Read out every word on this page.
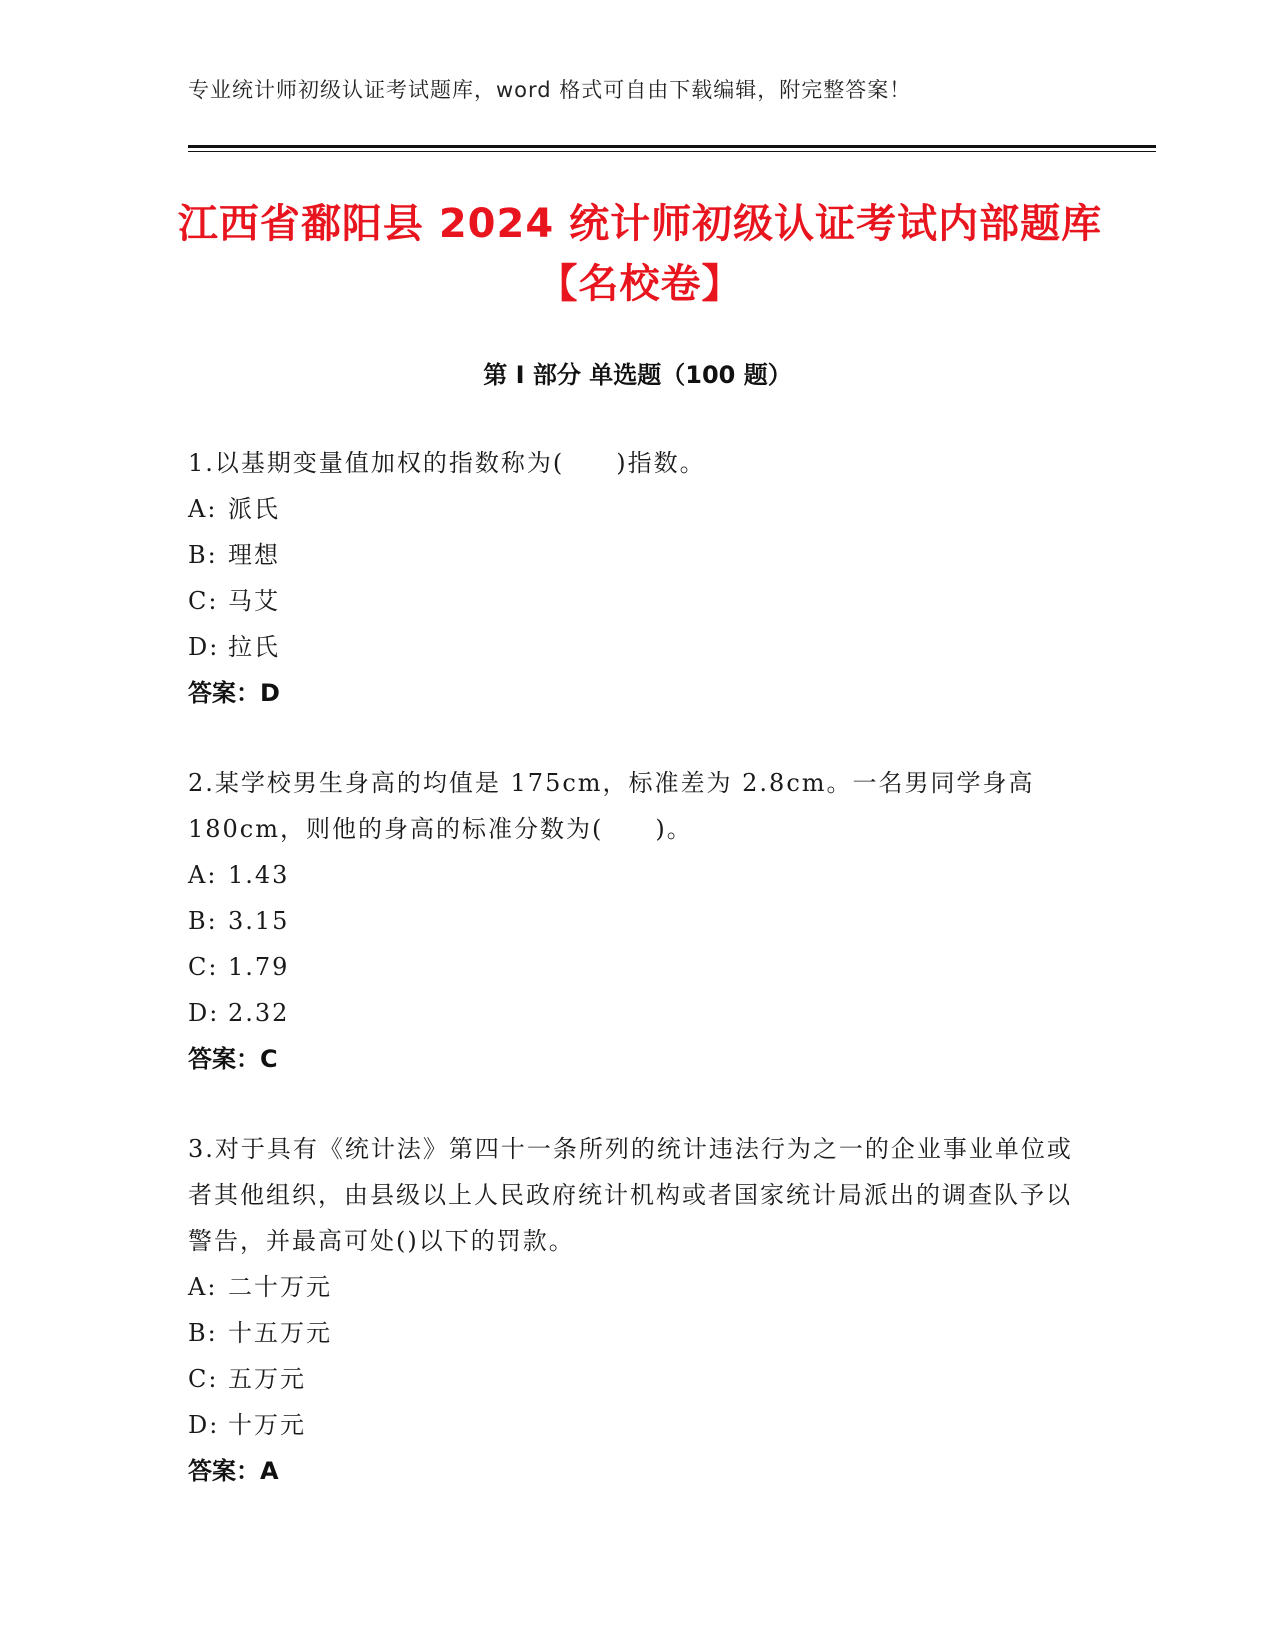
专业统计师初级认证考试题库，word 格式可自由下载编辑，附完整答案！
江西省鄱阳县 2024 统计师初级认证考试内部题库【名校卷】
第 I 部分 单选题（100 题）

1.以基期变量值加权的指数称为(　　)指数。

A: 派氏
B: 理想
C: 马艾
D: 拉氏
答案：D

2.某学校男生身高的均值是 175cm，标准差为 2.8cm。一名男同学身高 180cm，则他的身高的标准分数为(　　)。

A: 1.43
B: 3.15
C: 1.79
D: 2.32
答案：C

3.对于具有《统计法》第四十一条所列的统计违法行为之一的企业事业单位或者其他组织，由县级以上人民政府统计机构或者国家统计局派出的调查队予以警告，并最高可处()以下的罚款。

A: 二十万元
B: 十五万元
C: 五万元
D: 十万元
答案：A
